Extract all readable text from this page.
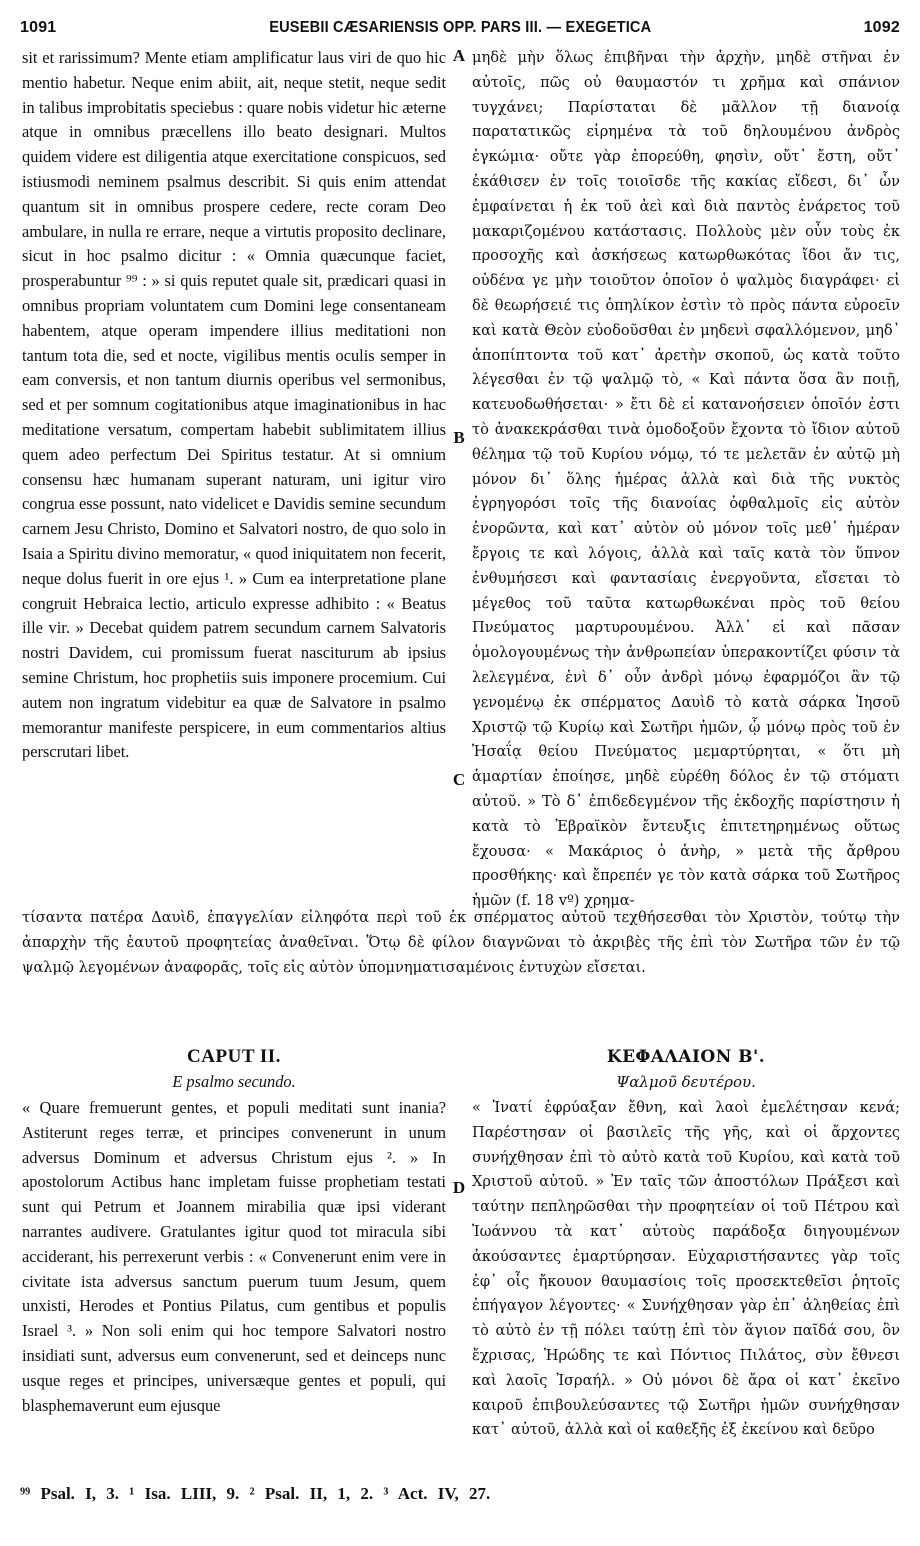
1091	EUSEBII CÆSARIENSIS OPP. PARS III. — EXEGETICA	1092

sit et rarissimum? Mente etiam amplificatur laus viri de quo hic mentio habetur. Neque enim abiit, ait, neque stetit, neque sedit in talibus improbitatis speciebus : quare nobis videtur hic æterne atque in omnibus præcellens illo beato designari. Multos quidem videre est diligentia atque exercitatione conspicuos, sed istiusmodi neminem psalmus describit. Si quis enim attendat quantum sit in omnibus prospere cedere, recte coram Deo ambulare, in nulla re errare, neque a virtutis proposito declinare, sicut in hoc psalmo dicitur : « Omnia quæcunque faciet, prosperabuntur ⁹⁹ : » si quis reputet quale sit, prædicari quasi in omnibus propriam voluntatem cum Domini lege consentaneam habentem, atque operam impendere illius meditationi non tantum tota die, sed et nocte, vigilibus mentis oculis semper in eam conversis, et non tantum diurnis operibus vel sermonibus, sed et per somnum cogitationibus atque imaginationibus in hac meditatione versatum, compertam habebit sublimitatem illius quem adeo perfectum Dei Spiritus testatur. At si omnium consensu hæc humanam superant naturam, uni igitur viro congrua esse possunt, nato videlicet e Davidis semine secundum carnem Jesu Christo, Domino et Salvatori nostro, de quo solo in Isaia a Spiritu divino memoratur, « quod iniquitatem non fecerit, neque dolus fuerit in ore ejus ¹. » Cum ea interpretatione plane congruit Hebraica lectio, articulo expresse adhibito : « Beatus ille vir. » Decebat quidem patrem secundum carnem Salvatoris nostri Davidem, cui promissum fuerat nasciturum ab ipsius semine Christum, hoc prophetiis suis imponere procemium. Cui autem non ingratum videbitur ea quæ de Salvatore in psalmo memorantur manifeste perspicere, in eum commentarios altius perscrutari libet.

μηδὲ μὴν ὅλως ἐπιβῆναι τὴν ἀρχὴν, μηδὲ στῆναι ἐν αὐτοῖς, πῶς οὐ θαυμαστόν τι χρῆμα καὶ σπάνιον τυγχάνει; Παρίσταται δὲ μᾶλλον τῇ διανοίᾳ παρατατικῶς εἰρημένα τὰ τοῦ δηλουμένου ἀνδρὸς ἐγκώμια· οὔτε γὰρ ἐπορεύθη, φησὶν, οὔτ᾽ ἔστη, οὔτ᾽ ἐκάθισεν ἐν τοῖς τοιοῖσδε τῆς κακίας εἴδεσι, δι᾽ ὧν ἐμφαίνεται ἡ ἐκ τοῦ ἀεὶ καὶ διὰ παντὸς ἐνάρετος τοῦ μακαριζομένου κατάστασις. Πολλοὺς μὲν οὖν τοὺς ἐκ προσοχῆς καὶ ἀσκήσεως κατωρθωκότας ἴδοι ἄν τις, οὐδένα γε μὴν τοιοῦτον ὁποῖον ὁ ψαλμὸς διαγράφει· εἰ δὲ θεωρήσειέ τις ὁπηλίκον ἐστὶν τὸ πρὸς πάντα εὐροεῖν καὶ κατὰ Θεὸν εὐοδοῦσθαι ἐν μηδενὶ σφαλλόμενον, μηδ᾽ ἀποπίπτοντα τοῦ κατ᾽ ἀρετὴν σκοποῦ, ὡς κατὰ τοῦτο λέγεσθαι ἐν τῷ ψαλμῷ τὸ, « Καὶ πάντα ὅσα ἂν ποιῇ, κατευοδωθήσεται· » ἔτι δὲ εἰ κατανοήσειεν ὁποῖόν ἐστι τὸ ἀνακεκράσθαι τινὰ ὁμοδοξοῦν ἔχοντα τὸ ἴδιον αὐτοῦ θέλημα τῷ τοῦ Κυρίου νόμῳ, τό τε μελετᾶν ἐν αὐτῷ μὴ μόνον δι᾽ ὅλης ἡμέρας ἀλλὰ καὶ διὰ τῆς νυκτὸς ἐγρηγορόσι τοῖς τῆς διανοίας ὀφθαλμοῖς εἰς αὐτὸν ἐνορῶντα, καὶ κατ᾽ αὐτὸν οὐ μόνον τοῖς μεθ᾽ ἡμέραν ἔργοις τε καὶ λόγοις, ἀλλὰ καὶ ταῖς κατὰ τὸν ὕπνον ἐνθυμήσεσι καὶ φαντασίαις ἐνεργοῦντα, εἴσεται τὸ μέγεθος τοῦ ταῦτα κατωρθωκέναι πρὸς τοῦ θείου Πνεύματος μαρτυρουμένου. Ἀλλ᾽ εἰ καὶ πᾶσαν ὁμολογουμένως τὴν ἀνθρωπείαν ὑπερακοντίζει φύσιν τὰ λελεγμένα, ἑνὶ δ᾽ οὖν ἀνδρὶ μόνῳ ἐφαρμόζοι ἂν τῷ γενομένῳ ἐκ σπέρματος Δαυὶδ τὸ κατὰ σάρκα Ἰησοῦ Χριστῷ τῷ Κυρίῳ καὶ Σωτῆρι ἡμῶν, ᾧ μόνῳ πρὸς τοῦ ἐν Ἡσαΐᾳ θείου Πνεύματος μεμαρτύρηται, « ὅτι μὴ ἁμαρτίαν ἐποίησε, μηδὲ εὑρέθη δόλος ἐν τῷ στόματι αὐτοῦ. » Τὸ δ᾽ ἐπιδεδεγμένον τῆς ἐκδοχῆς παρίστησιν ἡ κατὰ τὸ Ἑβραϊκὸν ἔντευξις ἐπιτετηρημένως οὕτως ἔχουσα· « Μακάριος ὁ ἀνὴρ, » μετὰ τῆς ἄρθρου προσθήκης· καὶ ἔπρεπέν γε τὸν κατὰ σάρκα τοῦ Σωτῆρος ἡμῶν (f. 18 vº) χρημα-

A
B
C
D
τίσαντα πατέρα Δαυὶδ, ἐπαγγελίαν εἰληφότα περὶ τοῦ ἐκ σπέρματος αὐτοῦ τεχθήσεσθαι τὸν Χριστὸν, τούτῳ τὴν ἀπαρχὴν τῆς ἑαυτοῦ προφητείας ἀναθεῖναι. Ὅτῳ δὲ φίλον διαγνῶναι τὸ ἀκριβὲς τῆς ἐπὶ τὸν Σωτῆρα τῶν ἐν τῷ ψαλμῷ λεγομένων ἀναφορᾶς, τοῖς εἰς αὐτὸν ὑπομνηματισαμένοις ἐντυχὼν εἴσεται.
CAPUT II.
E psalmo secundo.
ΚΕΦΑΛΑΙΟΝ Β'.
Ψαλμοῦ δευτέρου.

« Quare fremuerunt gentes, et populi meditati sunt inania? Astiterunt reges terræ, et principes convenerunt in unum adversus Dominum et adversus Christum ejus ². » In apostolorum Actibus hanc impletam fuisse prophetiam testati sunt qui Petrum et Joannem mirabilia quæ ipsi viderant narrantes audivere. Gratulantes igitur quod tot miracula sibi acciderant, his perrexerunt verbis : « Convenerunt enim vere in civitate ista adversus sanctum puerum tuum Jesum, quem unxisti, Herodes et Pontius Pilatus, cum gentibus et populis Israel ³. » Non soli enim qui hoc tempore Salvatori nostro insidiati sunt, adversus eum convenerunt, sed et deinceps nunc usque reges et principes, universæque gentes et populi, qui blasphemaverunt eum ejusque

« Ἱνατί ἐφρύαξαν ἔθνη, καὶ λαοὶ ἐμελέτησαν κενά; Παρέστησαν οἱ βασιλεῖς τῆς γῆς, καὶ οἱ ἄρχοντες συνήχθησαν ἐπὶ τὸ αὐτὸ κατὰ τοῦ Κυρίου, καὶ κατὰ τοῦ Χριστοῦ αὐτοῦ. » Ἐν ταῖς τῶν ἀποστόλων Πράξεσι καὶ ταύτην πεπληρῶσθαι τὴν προφητείαν οἱ τοῦ Πέτρου καὶ Ἰωάννου τὰ κατ᾽ αὐτοὺς παράδοξα διηγουμένων ἀκούσαντες ἐμαρτύρησαν. Εὐχαριστήσαντες γὰρ τοῖς ἐφ᾽ οἷς ἤκουον θαυμασίοις τοῖς προσεκτεθεῖσι ῥητοῖς ἐπήγαγον λέγοντες· « Συνήχθησαν γὰρ ἐπ᾽ ἀληθείας ἐπὶ τὸ αὐτὸ ἐν τῇ πόλει ταύτῃ ἐπὶ τὸν ἅγιον παῖδά σου, ὃν ἔχρισας, Ἡρώδης τε καὶ Πόντιος Πιλάτος, σὺν ἔθνεσι καὶ λαοῖς Ἰσραήλ. » Οὐ μόνοι δὲ ἄρα οἱ κατ᾽ ἐκεῖνο καιροῦ ἐπιβουλεύσαντες τῷ Σωτῆρι ἡμῶν συνήχθησαν κατ᾽ αὐτοῦ, ἀλλὰ καὶ οἱ καθεξῆς ἐξ ἐκείνου καὶ δεῦρο

⁹⁹ Psal. I, 3. ¹ Isa. LIII, 9. ² Psal. II, 1, 2. ³ Act. IV, 27.
